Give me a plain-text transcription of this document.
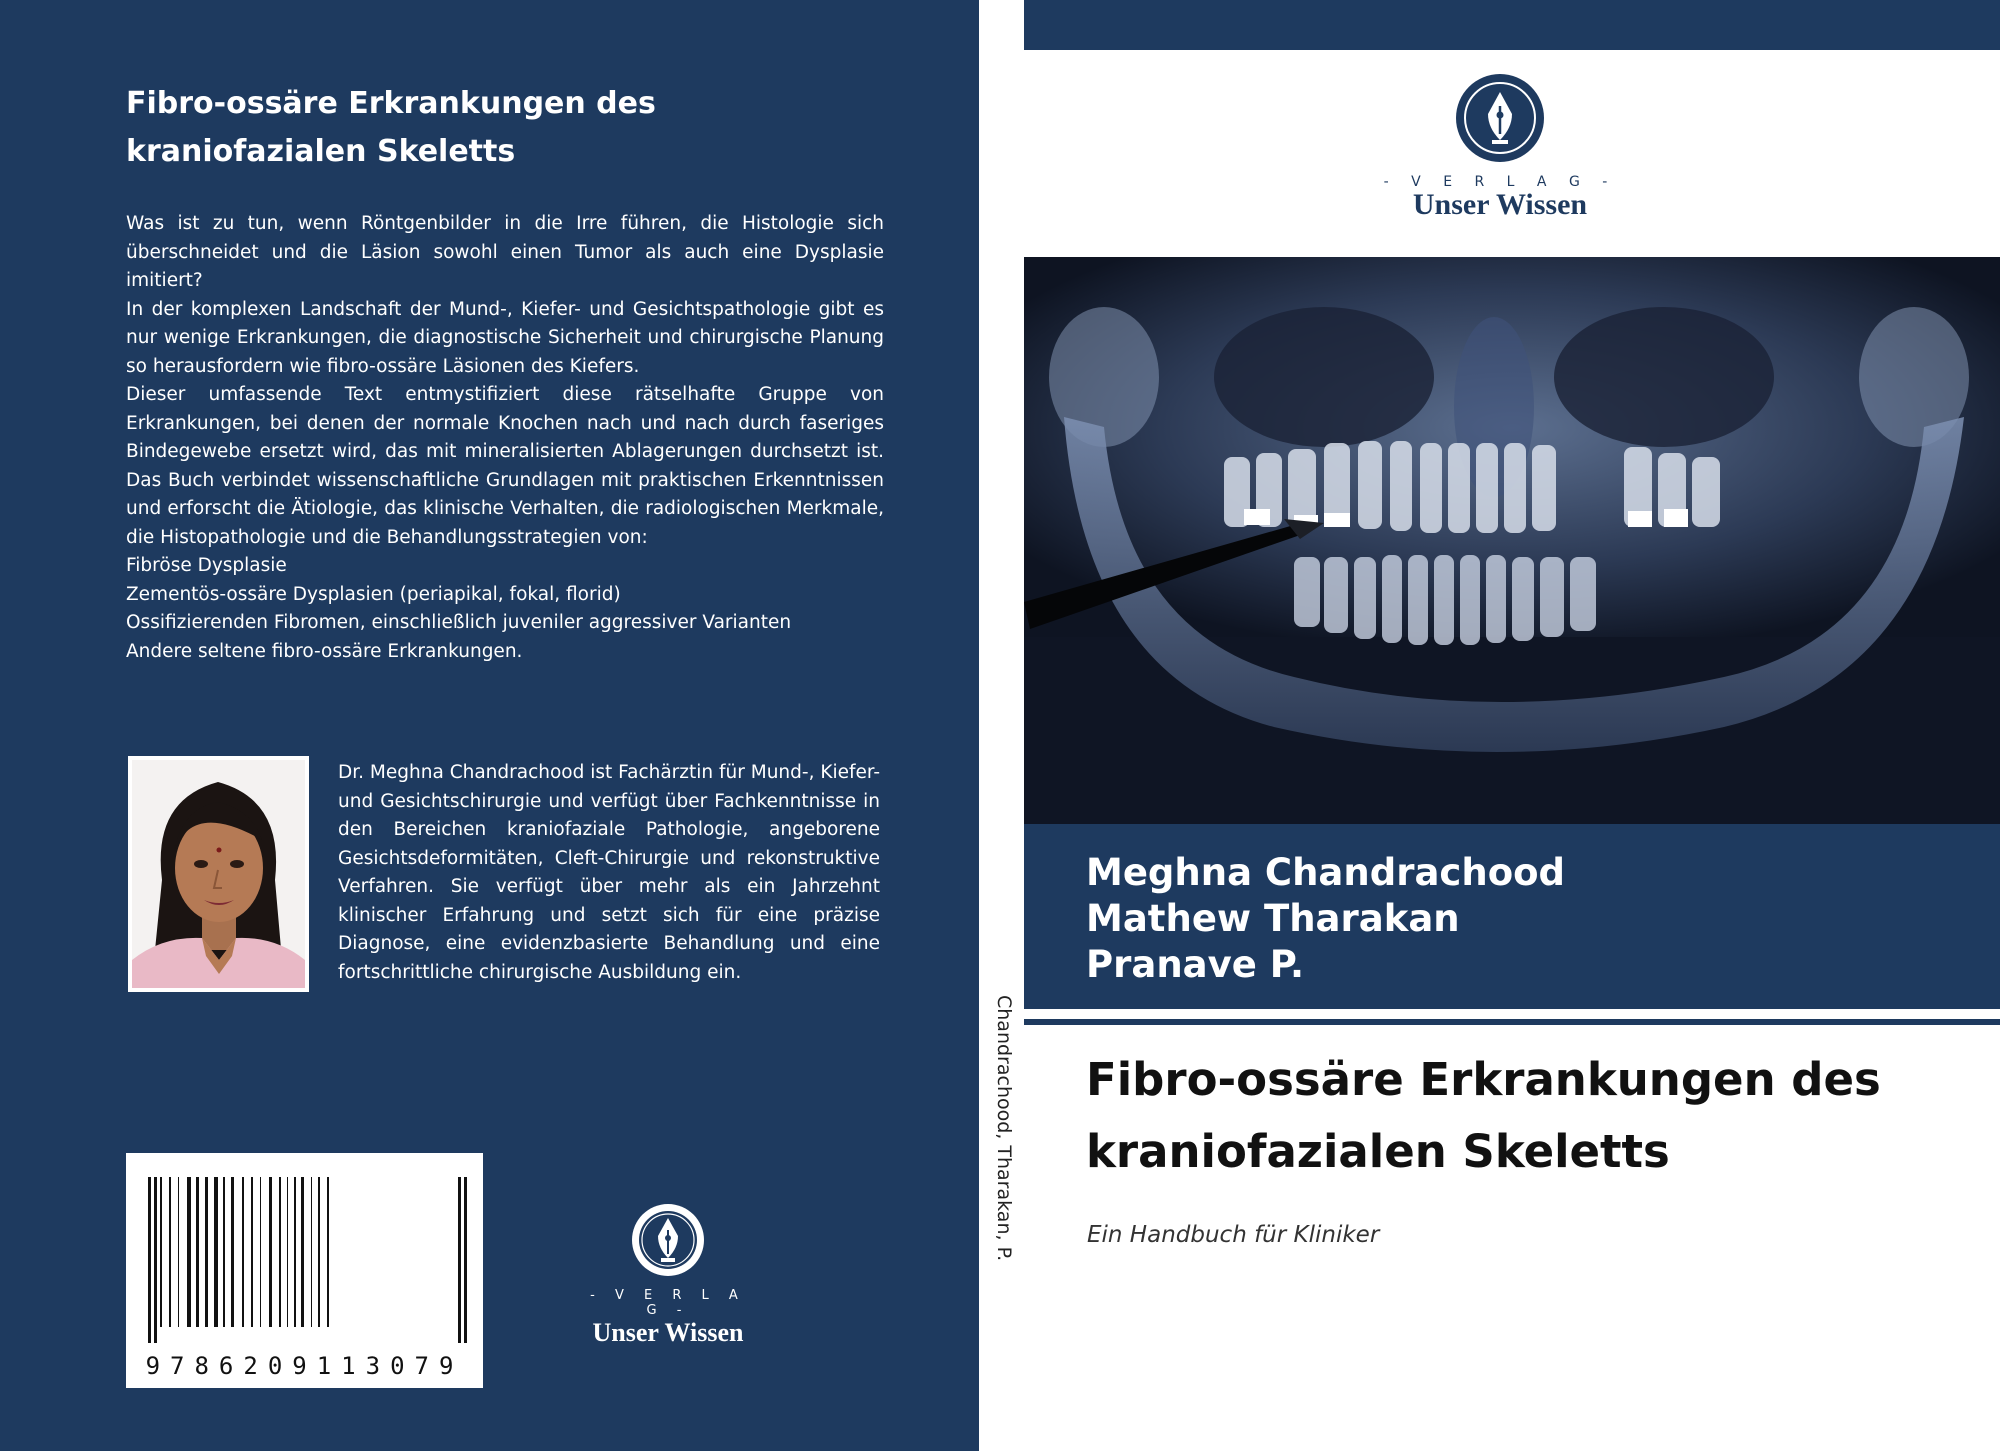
Fibro-ossäre Erkrankungen des
kraniofazialen Skeletts

Was ist zu tun, wenn Röntgenbilder in die Irre führen, die Histologie sich überschneidet und die Läsion sowohl einen Tumor als auch eine Dysplasie imitiert?

In der komplexen Landschaft der Mund-, Kiefer- und Gesichtspathologie gibt es nur wenige Erkrankungen, die diagnostische Sicherheit und chirurgische Planung so herausfordern wie fibro-ossäre Läsionen des Kiefers.

Dieser umfassende Text entmystifiziert diese rätselhafte Gruppe von Erkrankungen, bei denen der normale Knochen nach und nach durch faseriges Bindegewebe ersetzt wird, das mit mineralisierten Ablagerungen durchsetzt ist. Das Buch verbindet wissenschaftliche Grundlagen mit praktischen Erkenntnissen und erforscht die Ätiologie, das klinische Verhalten, die radiologischen Merkmale, die Histopathologie und die Behandlungsstrategien von:

Fibröse Dysplasie

Zementös-ossäre Dysplasien (periapikal, fokal, florid)

Ossifizierenden Fibromen, einschließlich juveniler aggressiver Varianten

Andere seltene fibro-ossäre Erkrankungen.

Dr. Meghna Chandrachood ist Fachärztin für Mund-, Kiefer- und Gesichtschirurgie und verfügt über Fachkenntnisse in den Bereichen kraniofaziale Pathologie, angeborene Gesichtsdeformitäten, Cleft-Chirurgie und rekonstruktive Verfahren. Sie verfügt über mehr als ein Jahrzehnt klinischer Erfahrung und setzt sich für eine präzise Diagnose, eine evidenzbasierte Behandlung und eine fortschrittliche chirurgische Ausbildung ein.
9786209113079
- V E R L A G -
Unser Wissen
Chandrachood, Tharakan, P.
- V E R L A G -
Unser Wissen
Meghna Chandrachood
Mathew Tharakan
Pranave P.
Fibro-ossäre Erkrankungen des
kraniofazialen Skeletts
Ein Handbuch für Kliniker
